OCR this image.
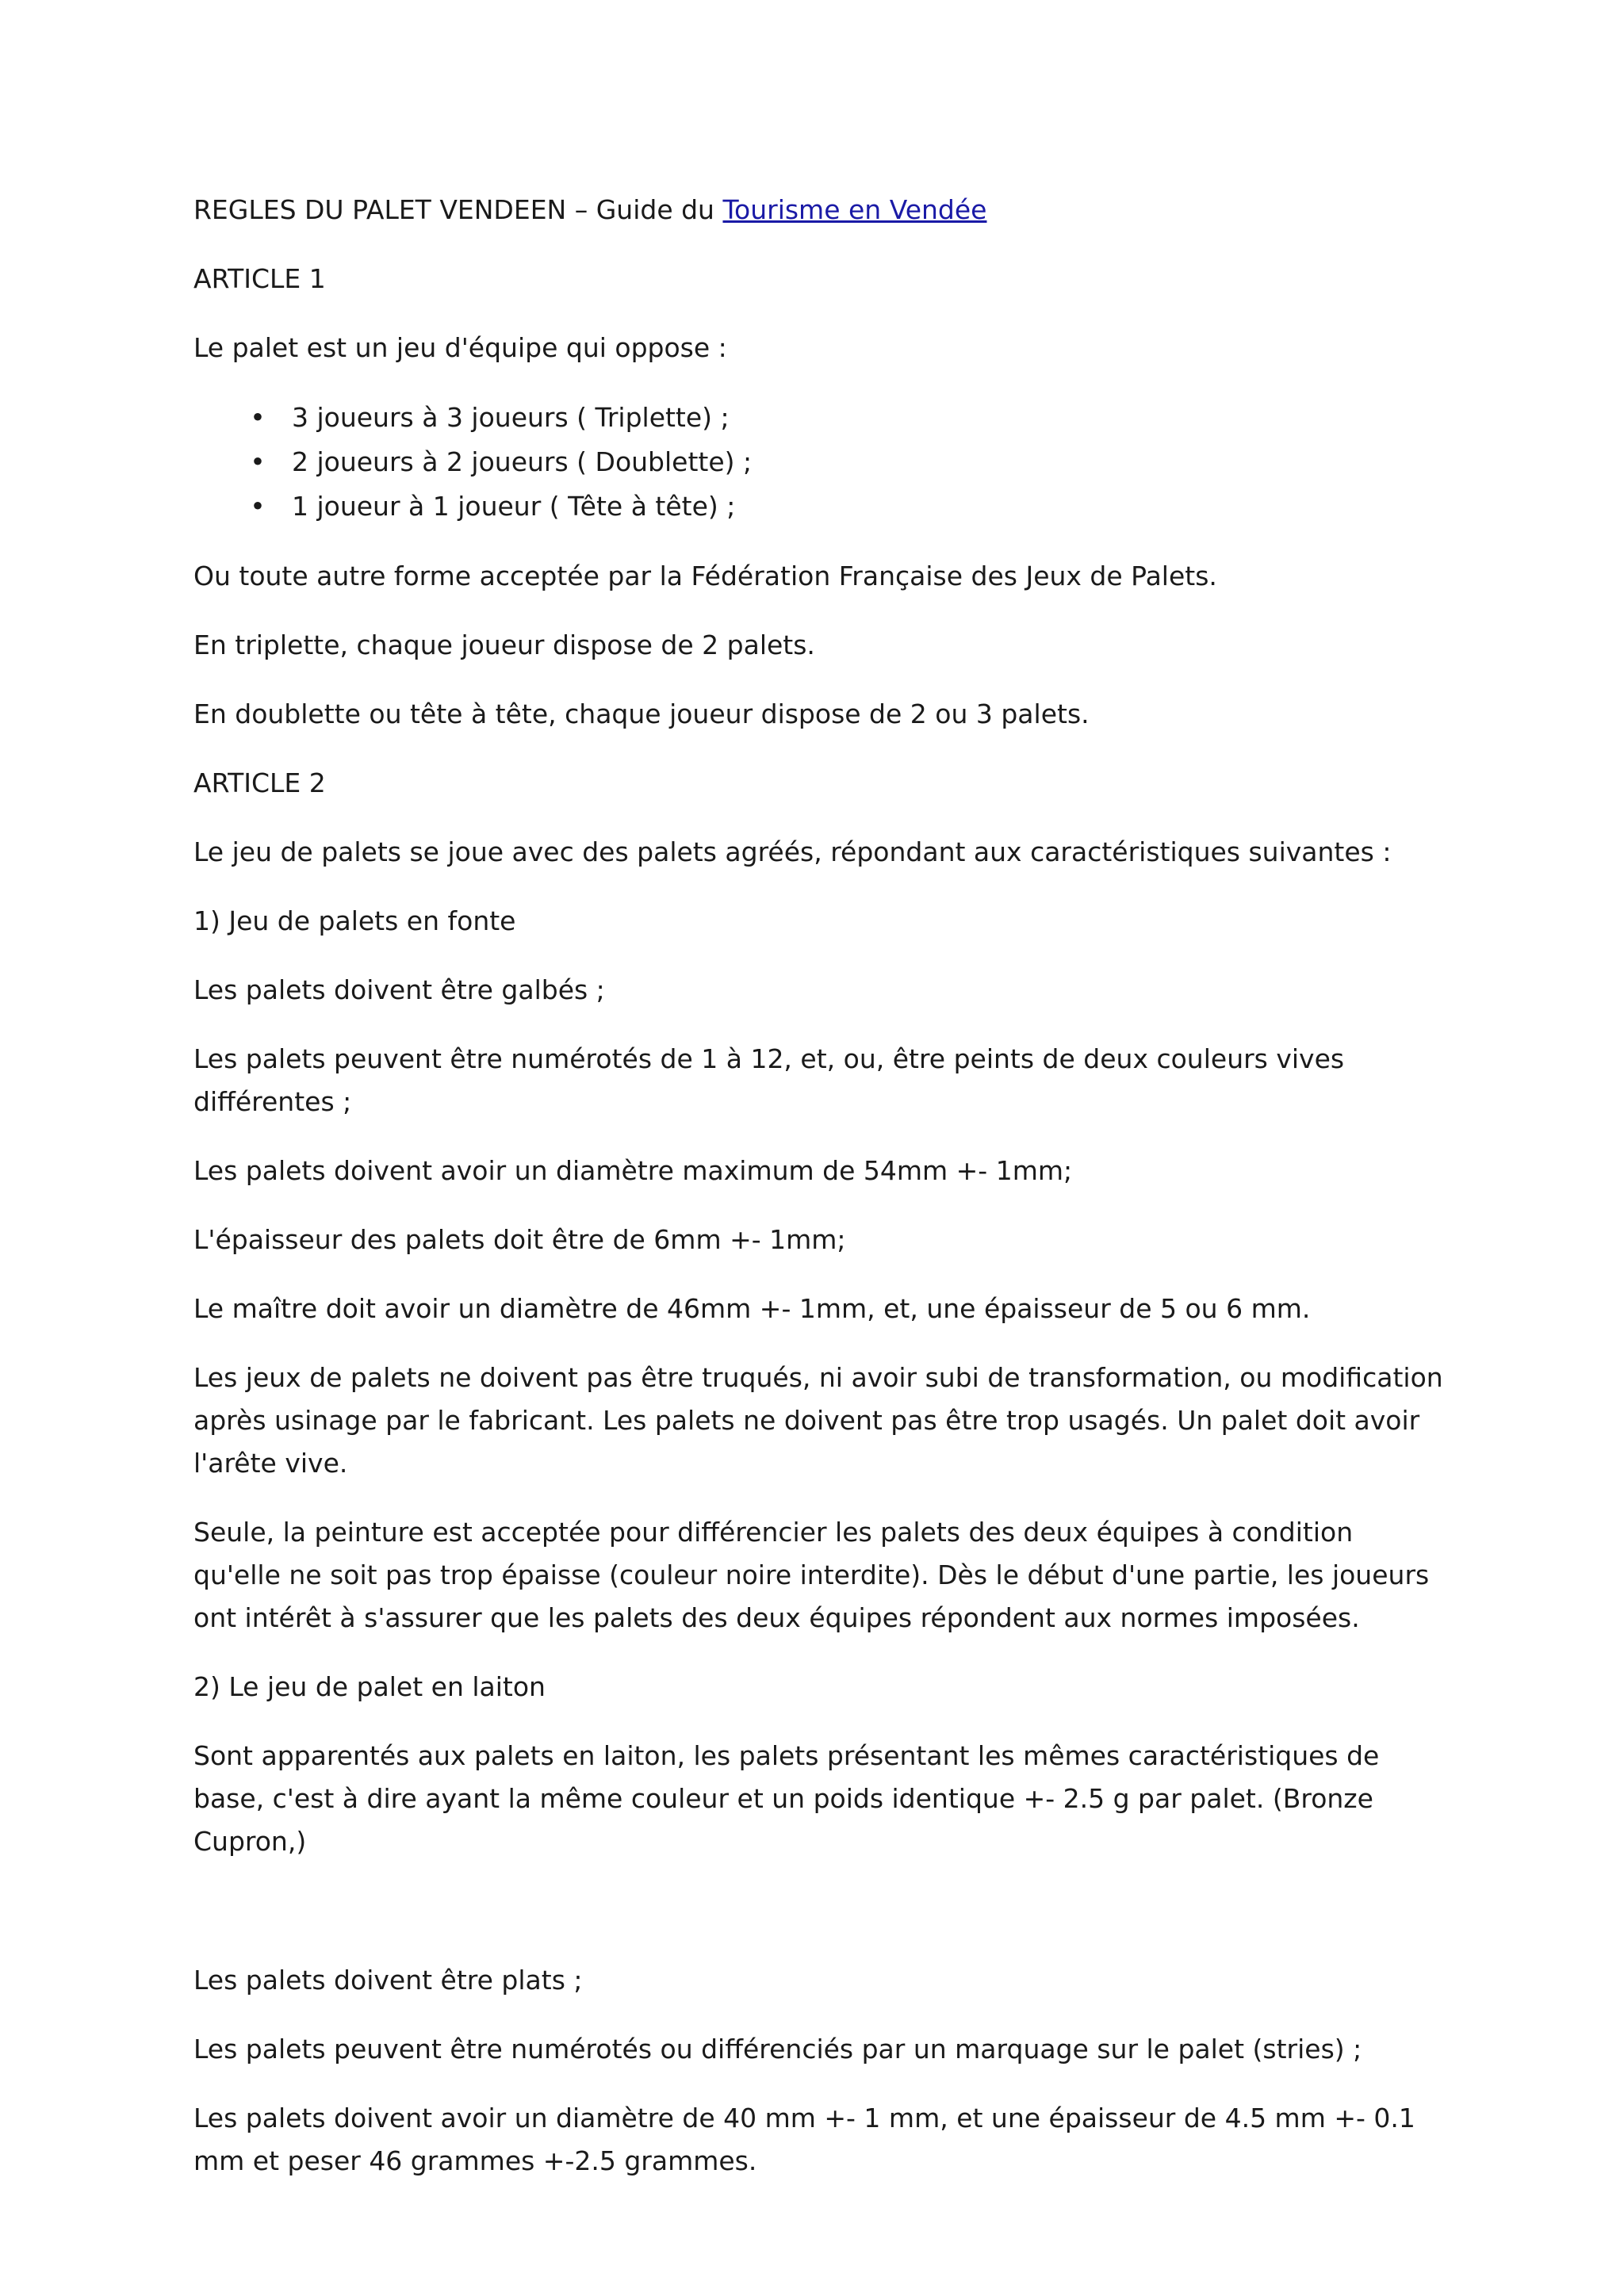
REGLES DU PALET VENDEEN – Guide du Tourisme en Vendée

ARTICLE 1

Le palet est un jeu d'équipe qui oppose :

• 3 joueurs à 3 joueurs ( Triplette) ;
• 2 joueurs à 2 joueurs ( Doublette) ;
• 1 joueur à 1 joueur ( Tête à tête) ;

Ou toute autre forme acceptée par la Fédération Française des Jeux de Palets.

En triplette, chaque joueur dispose de 2 palets.

En doublette ou tête à tête, chaque joueur dispose de 2 ou 3 palets.

ARTICLE 2

Le jeu de palets se joue avec des palets agréés, répondant aux caractéristiques suivantes :

1) Jeu de palets en fonte

Les palets doivent être galbés ;

Les palets peuvent être numérotés de 1 à 12, et, ou, être peints de deux couleurs vives différentes ;

Les palets doivent avoir un diamètre maximum de 54mm +- 1mm;

L'épaisseur des palets doit être de 6mm +- 1mm;

Le maître doit avoir un diamètre de 46mm +- 1mm, et, une épaisseur de 5 ou 6 mm.

Les jeux de palets ne doivent pas être truqués, ni avoir subi de transformation, ou modification après usinage par le fabricant. Les palets ne doivent pas être trop usagés. Un palet doit avoir l'arête vive.

Seule, la peinture est acceptée pour différencier les palets des deux équipes à condition qu'elle ne soit pas trop épaisse (couleur noire interdite). Dès le début d'une partie, les joueurs ont intérêt à s'assurer que les palets des deux équipes répondent aux normes imposées.

2) Le jeu de palet en laiton

Sont apparentés aux palets en laiton, les palets présentant les mêmes caractéristiques de base, c'est à dire ayant la même couleur et un poids identique +- 2.5 g par palet. (Bronze Cupron,)

Les palets doivent être plats ;

Les palets peuvent être numérotés ou différenciés par un marquage sur le palet (stries) ;

Les palets doivent avoir un diamètre de 40 mm +- 1 mm, et une épaisseur de 4.5 mm +- 0.1 mm et peser 46 grammes +-2.5 grammes.
